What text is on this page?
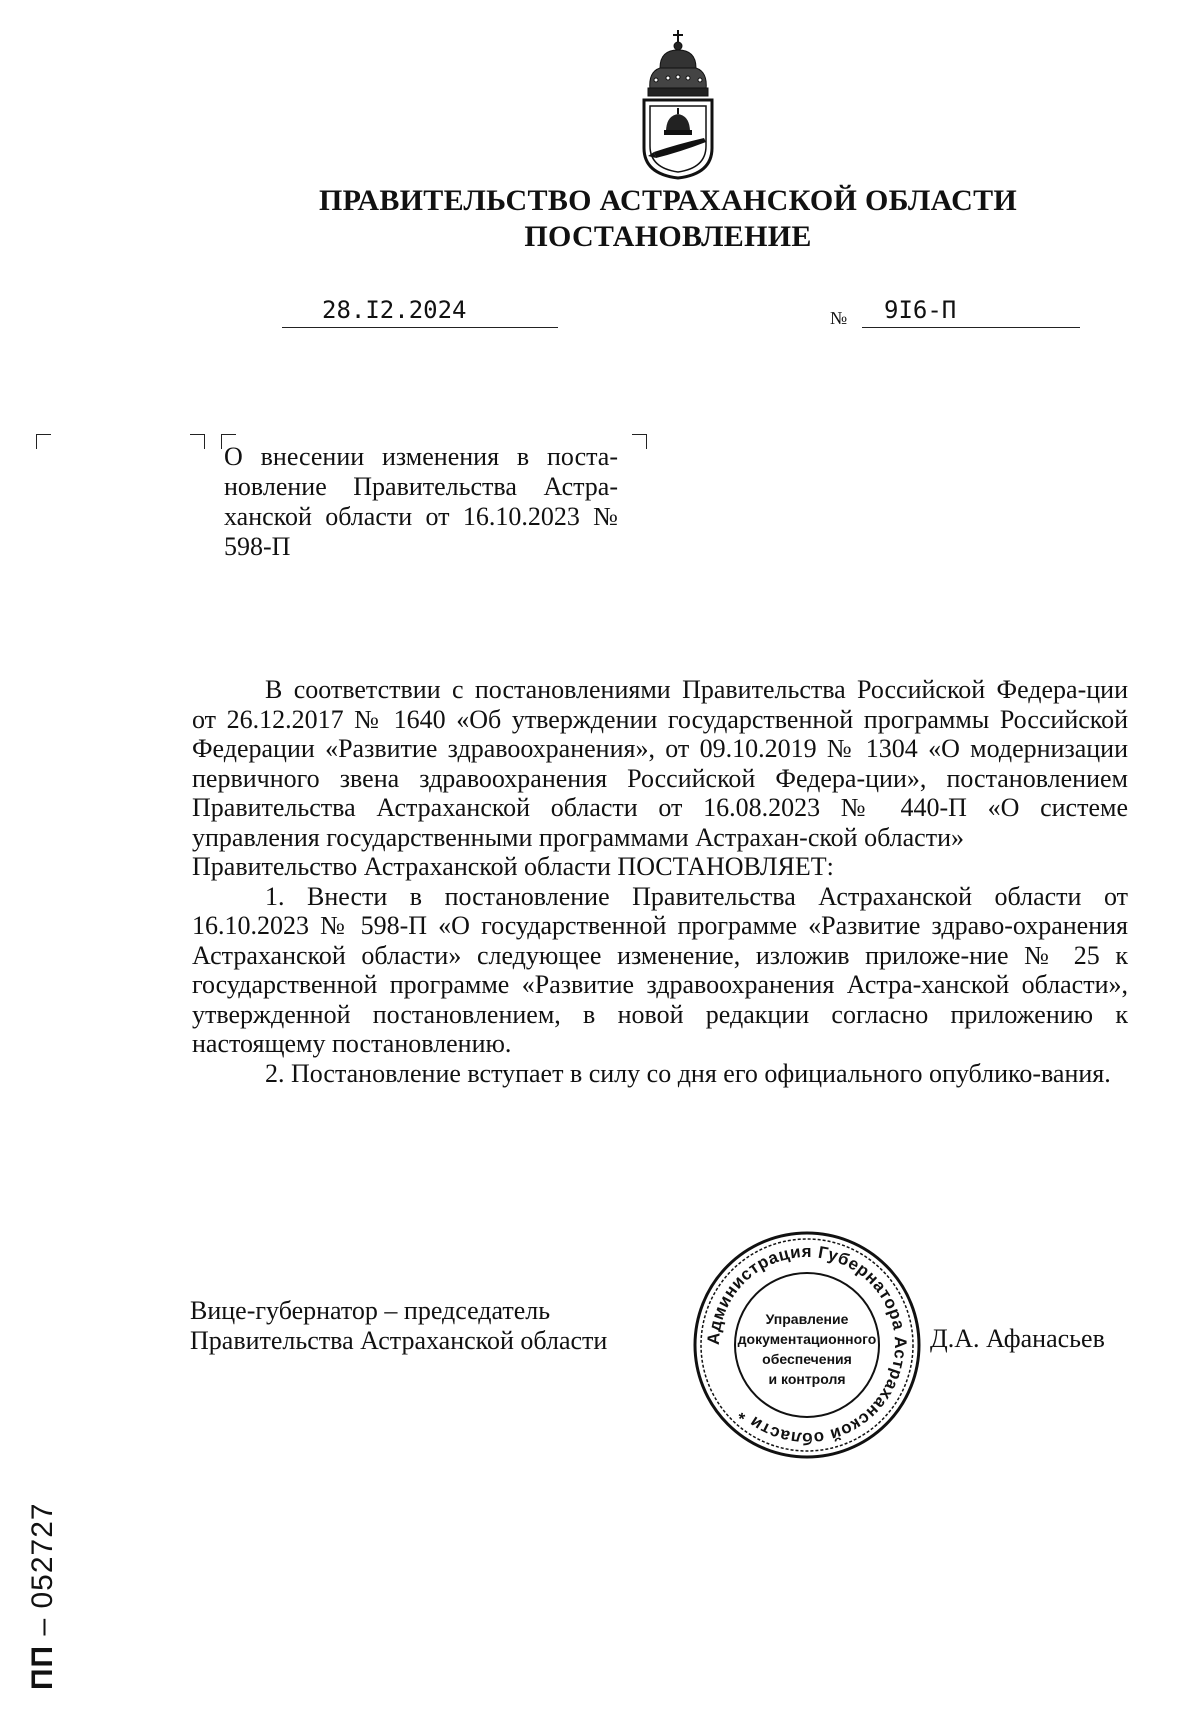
ПРАВИТЕЛЬСТВО АСТРАХАНСКОЙ ОБЛАСТИ
ПОСТАНОВЛЕНИЕ
28.I2.2024	№ 9I6-П
О внесении изменения в поста-новление Правительства Астра-ханской области от 16.10.2023 № 598-П

В соответствии с постановлениями Правительства Российской Федера-ции от 26.12.2017 № 1640 «Об утверждении государственной программы Российской Федерации «Развитие здравоохранения», от 09.10.2019 № 1304 «О модернизации первичного звена здравоохранения Российской Федера-ции», постановлением Правительства Астраханской области от 16.08.2023 № 440-П «О системе управления государственными программами Астрахан-ской области»

Правительство Астраханской области ПОСТАНОВЛЯЕТ:

1. Внести в постановление Правительства Астраханской области от 16.10.2023 № 598-П «О государственной программе «Развитие здраво-охранения Астраханской области» следующее изменение, изложив приложе-ние № 25 к государственной программе «Развитие здравоохранения Астра-ханской области», утвержденной постановлением, в новой редакции согласно приложению к настоящему постановлению.

2. Постановление вступает в силу со дня его официального опублико-вания.

Вице-губернатор – председатель
Правительства Астраханской области	Д.А. Афанасьев
Администрация Губернатора Астраханской области *
Управление
документационного
обеспечения
и контроля
ПП – 052727
